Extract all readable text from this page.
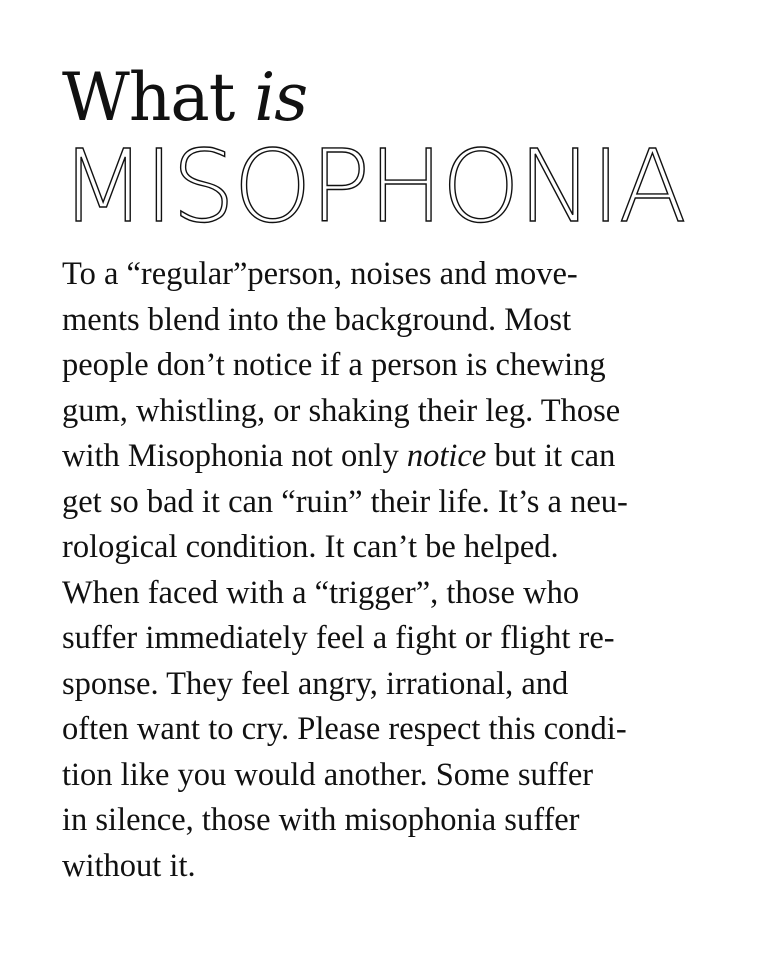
What is
MISOPHONIA
To a “regular”person, noises and move-
ments blend into the background. Most
people don’t notice if a person is chewing
gum, whistling, or shaking their leg. Those
with Misophonia not only notice but it can
get so bad it can “ruin” their life. It’s a neu-
rological condition. It can’t be helped.
When faced with a “trigger”, those who
suffer immediately feel a fight or flight re-
sponse. They feel angry, irrational, and
often want to cry. Please respect this condi-
tion like you would another. Some suffer
in silence, those with misophonia suffer
without it.
